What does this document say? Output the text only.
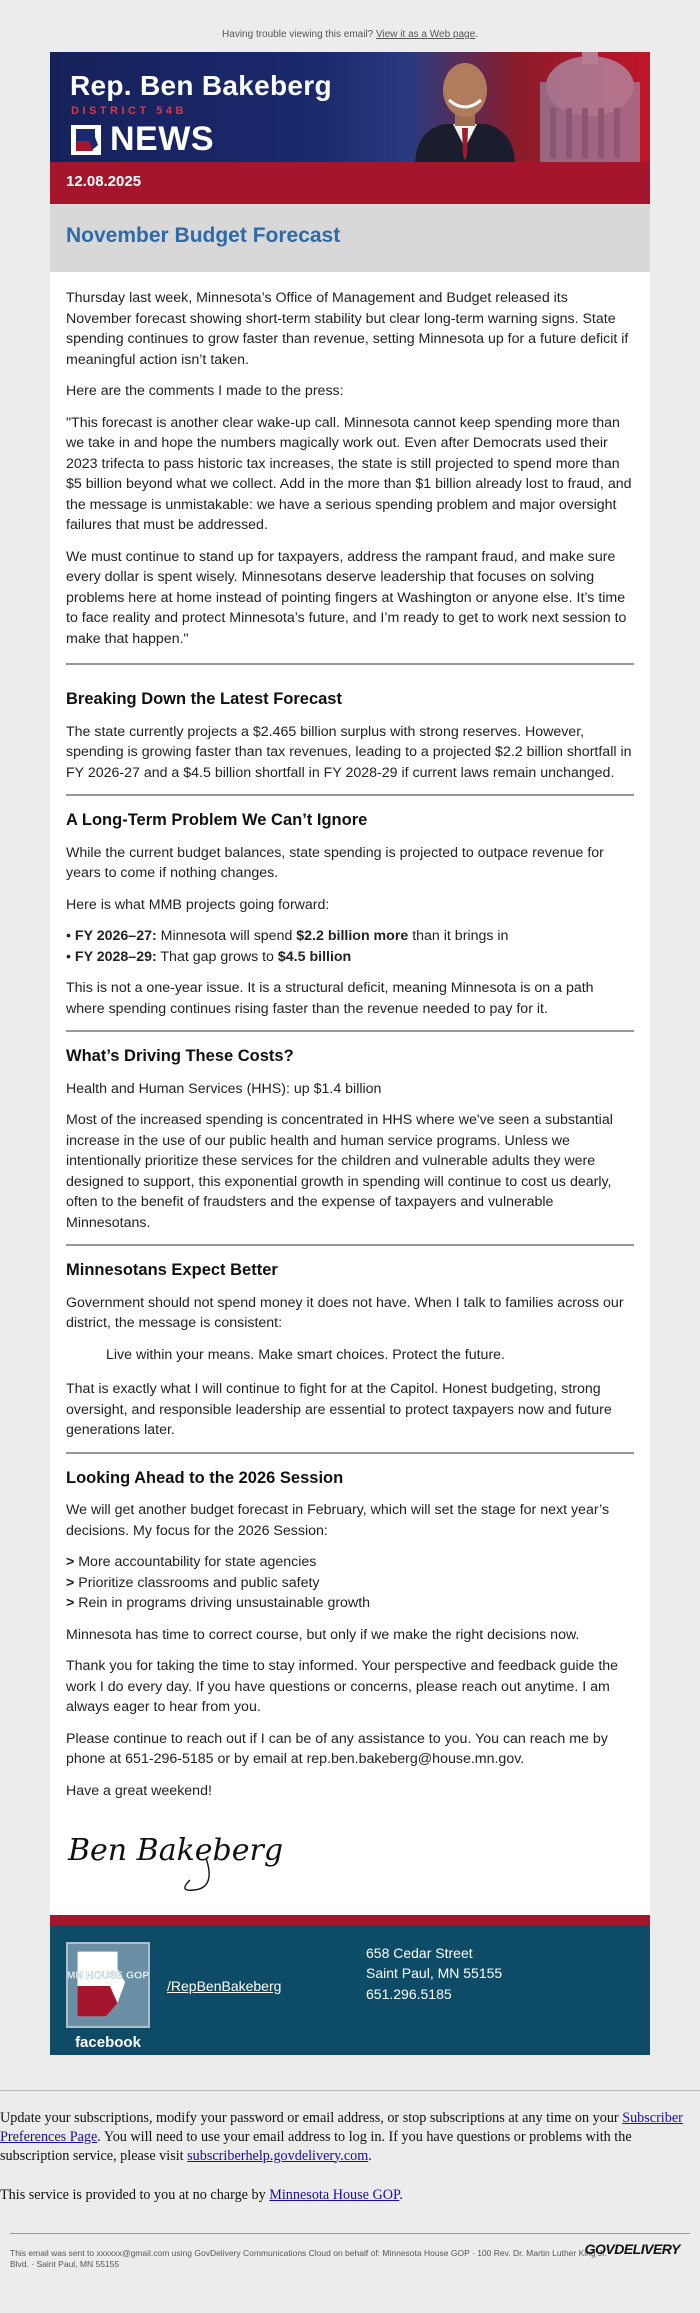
Having trouble viewing this email? View it as a Web page.
Rep. Ben Bakeberg
DISTRICT 54B
NEWS
12.08.2025
November Budget Forecast

Thursday last week, Minnesota’s Office of Management and Budget released its November forecast showing short-term stability but clear long-term warning signs. State spending continues to grow faster than revenue, setting Minnesota up for a future deficit if meaningful action isn’t taken.

Here are the comments I made to the press:

"This forecast is another clear wake-up call. Minnesota cannot keep spending more than we take in and hope the numbers magically work out. Even after Democrats used their 2023 trifecta to pass historic tax increases, the state is still projected to spend more than $5 billion beyond what we collect. Add in the more than $1 billion already lost to fraud, and the message is unmistakable: we have a serious spending problem and major oversight failures that must be addressed.

We must continue to stand up for taxpayers, address the rampant fraud, and make sure every dollar is spent wisely. Minnesotans deserve leadership that focuses on solving problems here at home instead of pointing fingers at Washington or anyone else. It’s time to face reality and protect Minnesota’s future, and I’m ready to get to work next session to make that happen."

Breaking Down the Latest Forecast

The state currently projects a $2.465 billion surplus with strong reserves. However, spending is growing faster than tax revenues, leading to a projected $2.2 billion shortfall in FY 2026-27 and a $4.5 billion shortfall in FY 2028-29 if current laws remain unchanged.

A Long-Term Problem We Can’t Ignore

While the current budget balances, state spending is projected to outpace revenue for years to come if nothing changes.

Here is what MMB projects going forward:

• FY 2026–27: Minnesota will spend $2.2 billion more than it brings in

• FY 2028–29: That gap grows to $4.5 billion

This is not a one-year issue. It is a structural deficit, meaning Minnesota is on a path where spending continues rising faster than the revenue needed to pay for it.

What’s Driving These Costs?

Health and Human Services (HHS): up $1.4 billion

Most of the increased spending is concentrated in HHS where we've seen a substantial increase in the use of our public health and human service programs. Unless we intentionally prioritize these services for the children and vulnerable adults they were designed to support, this exponential growth in spending will continue to cost us dearly, often to the benefit of fraudsters and the expense of taxpayers and vulnerable Minnesotans.

Minnesotans Expect Better

Government should not spend money it does not have. When I talk to families across our district, the message is consistent:

Live within your means. Make smart choices. Protect the future.

That is exactly what I will continue to fight for at the Capitol. Honest budgeting, strong oversight, and responsible leadership are essential to protect taxpayers now and future generations later.

Looking Ahead to the 2026 Session

We will get another budget forecast in February, which will set the stage for next year’s decisions. My focus for the 2026 Session:

> More accountability for state agencies

> Prioritize classrooms and public safety

> Rein in programs driving unsustainable growth

Minnesota has time to correct course, but only if we make the right decisions now.

Thank you for taking the time to stay informed. Your perspective and feedback guide the work I do every day. If you have questions or concerns, please reach out anytime. I am always eager to hear from you.

Please continue to reach out if I can be of any assistance to you. You can reach me by phone at 651-296-5185 or by email at rep.ben.bakeberg@house.mn.gov.

Have a great weekend!

Ben Bakeberg
MN HOUSE GOP
facebook
/RepBenBakeberg
658 Cedar Street
Saint Paul, MN 55155
651.296.5185

Update your subscriptions, modify your password or email address, or stop subscriptions at any time on your Subscriber Preferences Page. You will need to use your email address to log in. If you have questions or problems with the subscription service, please visit subscriberhelp.govdelivery.com.

This service is provided to you at no charge by Minnesota House GOP.

This email was sent to xxxxxx@gmail.com using GovDelivery Communications Cloud on behalf of: Minnesota House GOP · 100 Rev. Dr. Martin Luther King Jr. Blvd. · Saint Paul, MN 55155
GOVDELIVERY
